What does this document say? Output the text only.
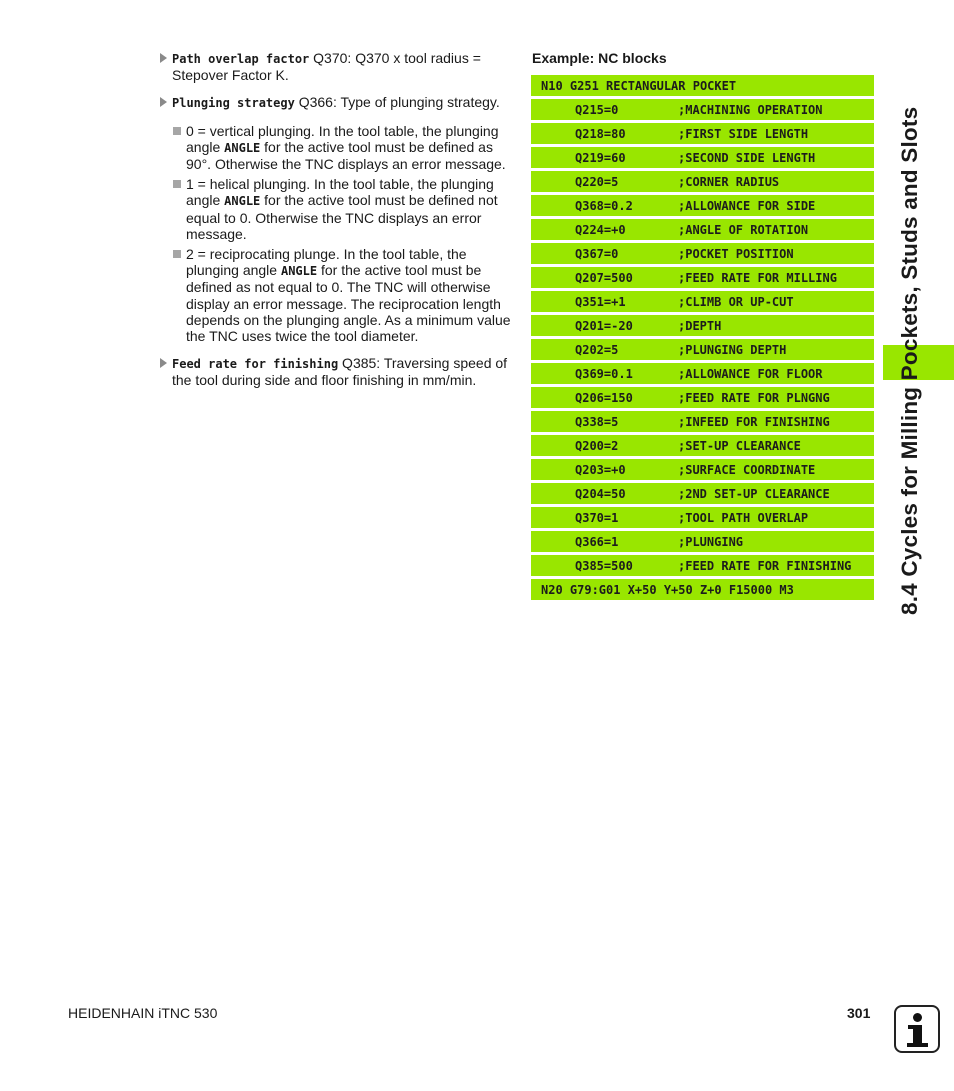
Path overlap factor Q370: Q370 x tool radius = Stepover Factor K.
Plunging strategy Q366: Type of plunging strategy.
0 = vertical plunging. In the tool table, the plunging angle ANGLE for the active tool must be defined as 90°. Otherwise the TNC displays an error message.
1 = helical plunging. In the tool table, the plunging angle ANGLE for the active tool must be defined not equal to 0. Otherwise the TNC displays an error message.
2 = reciprocating plunge. In the tool table, the plunging angle ANGLE for the active tool must be defined as not equal to 0. The TNC will otherwise display an error message. The reciprocation length depends on the plunging angle. As a minimum value the TNC uses twice the tool diameter.
Feed rate for finishing Q385: Traversing speed of the tool during side and floor finishing in mm/min.
Example: NC blocks
N10 G251 RECTANGULAR POCKET
Q215=0	;MACHINING OPERATION
Q218=80	;FIRST SIDE LENGTH
Q219=60	;SECOND SIDE LENGTH
Q220=5	;CORNER RADIUS
Q368=0.2	;ALLOWANCE FOR SIDE
Q224=+0	;ANGLE OF ROTATION
Q367=0	;POCKET POSITION
Q207=500	;FEED RATE FOR MILLING
Q351=+1	;CLIMB OR UP-CUT
Q201=-20	;DEPTH
Q202=5	;PLUNGING DEPTH
Q369=0.1	;ALLOWANCE FOR FLOOR
Q206=150	;FEED RATE FOR PLNGNG
Q338=5	;INFEED FOR FINISHING
Q200=2	;SET-UP CLEARANCE
Q203=+0	;SURFACE COORDINATE
Q204=50	;2ND SET-UP CLEARANCE
Q370=1	;TOOL PATH OVERLAP
Q366=1	;PLUNGING
Q385=500	;FEED RATE FOR FINISHING
N20 G79:G01 X+50 Y+50 Z+0 F15000 M3	8.4 Cycles for Milling Pockets, Studs and Slots
HEIDENHAIN iTNC 530	301
